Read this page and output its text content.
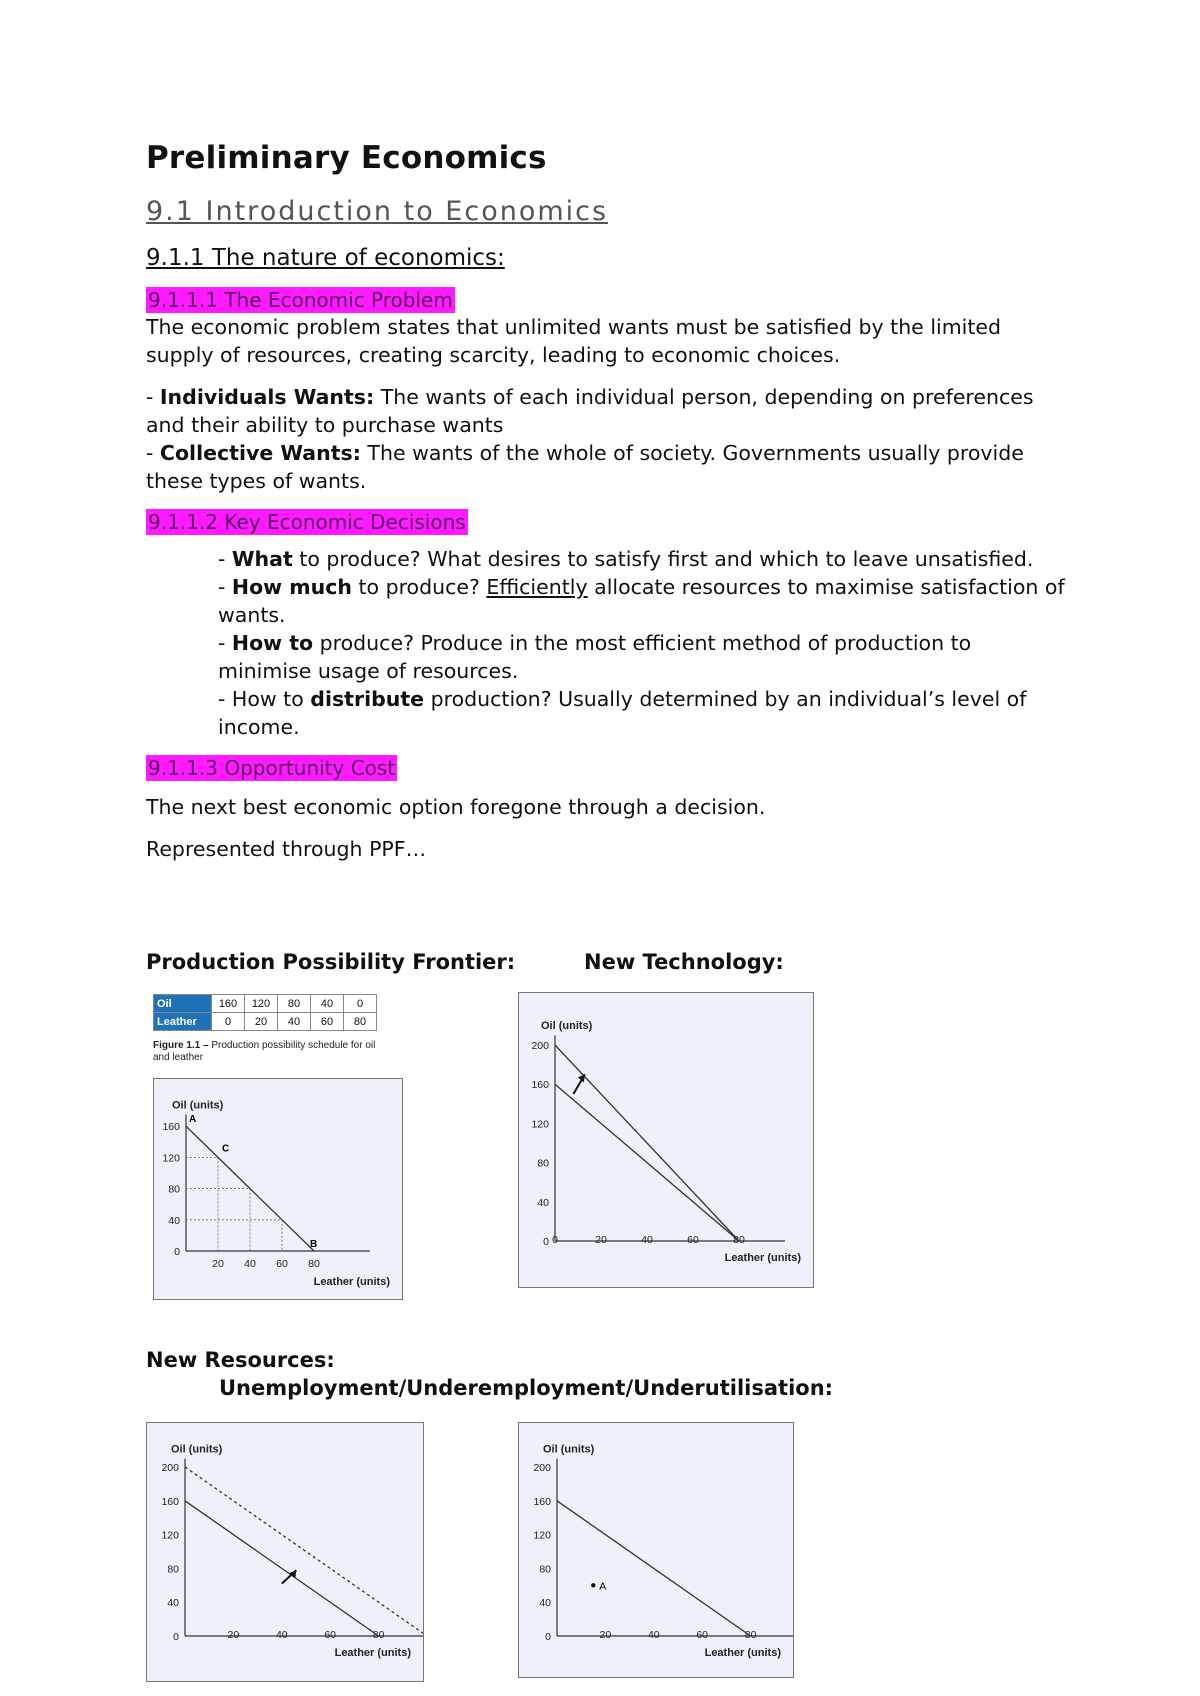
Preliminary Economics
9.1 Introduction to Economics
9.1.1 The nature of economics:
9.1.1.1 The Economic Problem

The economic problem states that unlimited wants must be satisfied by the limited supply of resources, creating scarcity, leading to economic choices.

- Individuals Wants: The wants of each individual person, depending on preferences and their ability to purchase wants

- Collective Wants: The wants of the whole of society. Governments usually provide these types of wants.

9.1.1.2 Key Economic Decisions

- What to produce? What desires to satisfy first and which to leave unsatisfied.

- How much to produce? Efficiently allocate resources to maximise satisfaction of wants.

- How to produce? Produce in the most efficient method of production to minimise usage of resources.

- How to distribute production? Usually determined by an individual’s level of income.

9.1.1.3 Opportunity Cost

The next best economic option foregone through a decision.

Represented through PPF…

Production Possibility Frontier:	New Technology:
New Resources:
Unemployment/Underemployment/Underutilisation:
Oil	160	120	80	40	0
Leather	0	20	40	60	80
Figure 1.1 – Production possibility schedule for oil and leather
Oil (units)
Leather (units)
0
40
80
120
160
20 40 60 80
A
C
B
Oil (units)
Leather (units)
0
40
80
120
160
200
0	20	40	60	80
Oil (units)
Leather (units)
0
40
80
120
160
200
20	40	60	80
Oil (units)
Leather (units)
0
40
80
120
160
200
20	40	60	80
A
